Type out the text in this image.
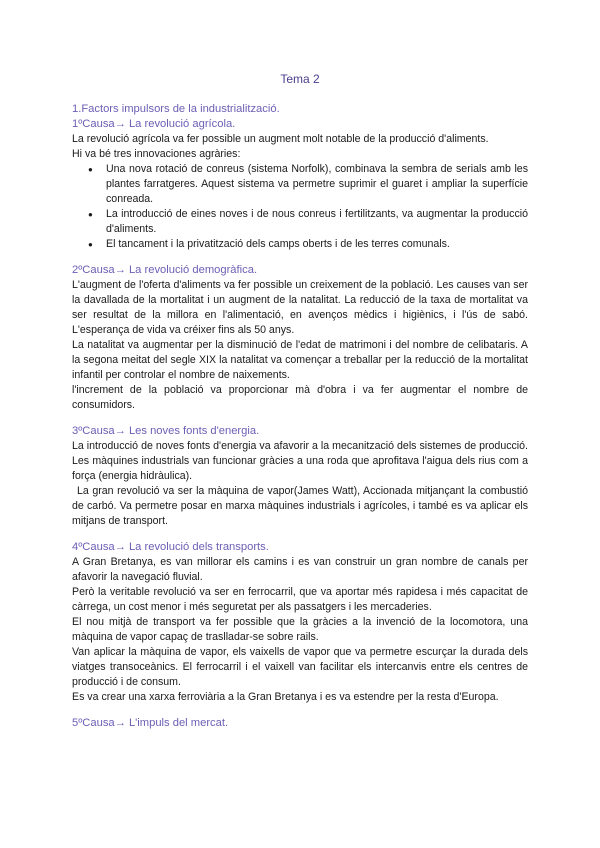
Tema 2
1.Factors impulsors de la industrialització.
1ºCausa→ La revolució agrícola.

La revolució agrícola va fer possible un augment molt notable de la producció d'aliments.

Hi va bé tres innovaciones agràries:

● Una nova rotació de conreus (sistema Norfolk), combinava la sembra de serials amb les plantes farratgeres. Aquest sistema va permetre suprimir el guaret i ampliar la superfície conreada.
● La introducció de eines noves i de nous conreus i fertilitzants, va augmentar la producció d'aliments.
● El tancament i la privatització dels camps oberts i de les terres comunals.
2ºCausa→ La revolució demogràfica.

L'augment de l'oferta d'aliments va fer possible un creixement de la població. Les causes van ser la davallada de la mortalitat i un augment de la natalitat. La reducció de la taxa de mortalitat va ser resultat de la millora en l'alimentació, en avenços mèdics i higiènics, i l'ús de sabó. L'esperança de vida va créixer fins als 50 anys.

La natalitat va augmentar per la disminució de l'edat de matrimoni i del nombre de celibataris. A la segona meitat del segle XIX la natalitat va començar a treballar per la reducció de la mortalitat infantil per controlar el nombre de naixements.

l'increment de la població va proporcionar mà d'obra i va fer augmentar el nombre de consumidors.

3ºCausa→ Les noves fonts d'energia.

La introducció de noves fonts d'energia va afavorir a la mecanització dels sistemes de producció. Les màquines industrials van funcionar gràcies a una roda que aprofitava l'aigua dels rius com a força (energia hidràulica).

La gran revolució va ser la màquina de vapor(James Watt), Accionada mitjançant la combustió de carbó. Va permetre posar en marxa màquines industrials i agrícoles, i també es va aplicar els mitjans de transport.

4ºCausa→ La revolució dels transports.

A Gran Bretanya, es van millorar els camins i es van construir un gran nombre de canals per afavorir la navegació fluvial.

Però la veritable revolució va ser en ferrocarril, que va aportar més rapidesa i més capacitat de càrrega, un cost menor i més seguretat per als passatgers i les mercaderies.

El nou mitjà de transport va fer possible que la gràcies a la invenció de la locomotora, una màquina de vapor capaç de traslladar-se sobre rails.

Van aplicar la màquina de vapor, els vaixells de vapor que va permetre escurçar la durada dels viatges transoceànics. El ferrocarril i el vaixell van facilitar els intercanvis entre els centres de producció i de consum.

Es va crear una xarxa ferroviària a la Gran Bretanya i es va estendre per la resta d'Europa.

5ºCausa→ L'impuls del mercat.
